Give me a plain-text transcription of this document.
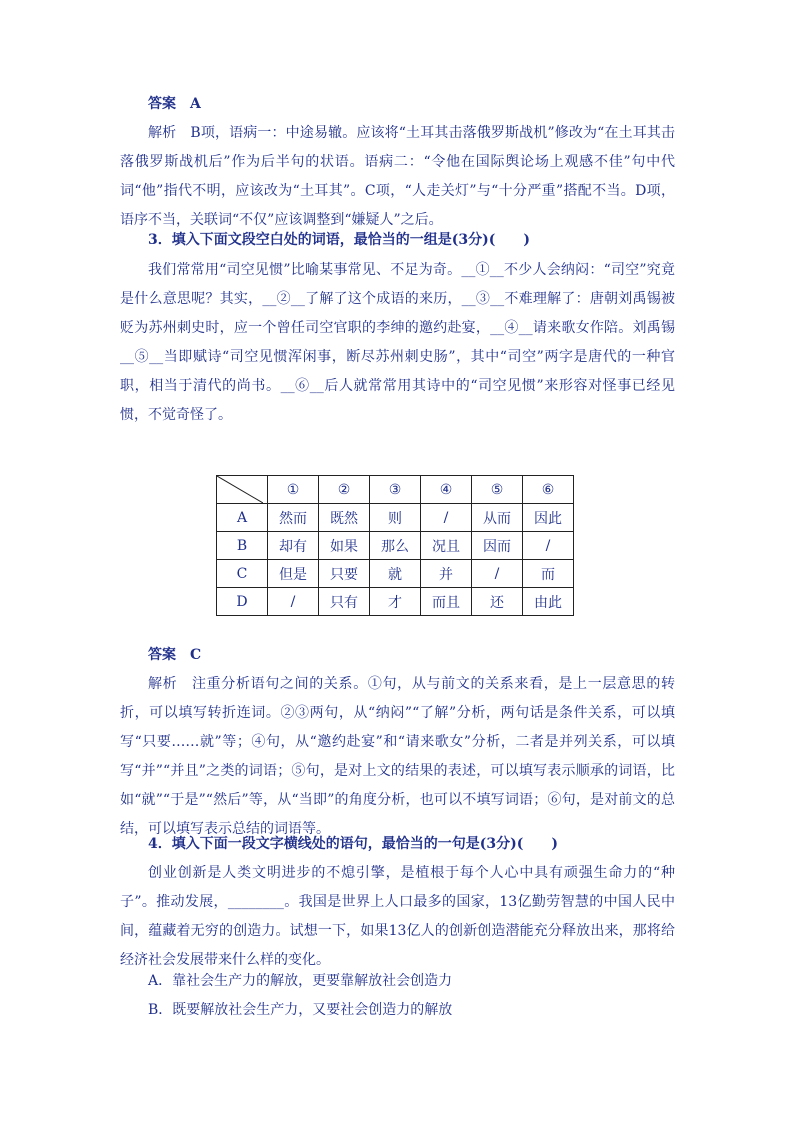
答案　A

解析　B项，语病一：中途易辙。应该将“土耳其击落俄罗斯战机”修改为“在土耳其击落俄罗斯战机后”作为后半句的状语。语病二：“令他在国际舆论场上观感不佳”句中代词“他”指代不明，应该改为“土耳其”。C项，“人走关灯”与“十分严重”搭配不当。D项，语序不当，关联词“不仅”应该调整到“嫌疑人”之后。

3．填入下面文段空白处的词语，最恰当的一组是(3分)(　　)

我们常常用“司空见惯”比喻某事常见、不足为奇。__①__不少人会纳闷：“司空”究竟是什么意思呢？其实，__②__了解了这个成语的来历，__③__不难理解了：唐朝刘禹锡被贬为苏州刺史时，应一个曾任司空官职的李绅的邀约赴宴，__④__请来歌女作陪。刘禹锡__⑤__当即赋诗“司空见惯浑闲事，断尽苏州刺史肠”，其中“司空”两字是唐代的一种官职，相当于清代的尚书。__⑥__后人就常常用其诗中的“司空见惯”来形容对怪事已经见惯，不觉奇怪了。

	①	②	③	④	⑤	⑥
A	然而	既然	则	/	从而	因此
B	却有	如果	那么	况且	因而	/
C	但是	只要	就	并	/	而
D	/	只有	才	而且	还	由此

答案　C

解析　注重分析语句之间的关系。①句，从与前文的关系来看，是上一层意思的转折，可以填写转折连词。②③两句，从“纳闷”“了解”分析，两句话是条件关系，可以填写“只要……就”等；④句，从“邀约赴宴”和“请来歌女”分析，二者是并列关系，可以填写“并”“并且”之类的词语；⑤句，是对上文的结果的表述，可以填写表示顺承的词语，比如“就”“于是”“然后”等，从“当即”的角度分析，也可以不填写词语；⑥句，是对前文的总结，可以填写表示总结的词语等。

4．填入下面一段文字横线处的语句，最恰当的一句是(3分)(　　)

创业创新是人类文明进步的不熄引擎，是植根于每个人心中具有顽强生命力的“种子”。推动发展，________。我国是世界上人口最多的国家，13亿勤劳智慧的中国人民中间，蕴藏着无穷的创造力。试想一下，如果13亿人的创新创造潜能充分释放出来，那将给经济社会发展带来什么样的变化。

A．靠社会生产力的解放，更要靠解放社会创造力

B．既要解放社会生产力，又要社会创造力的解放
